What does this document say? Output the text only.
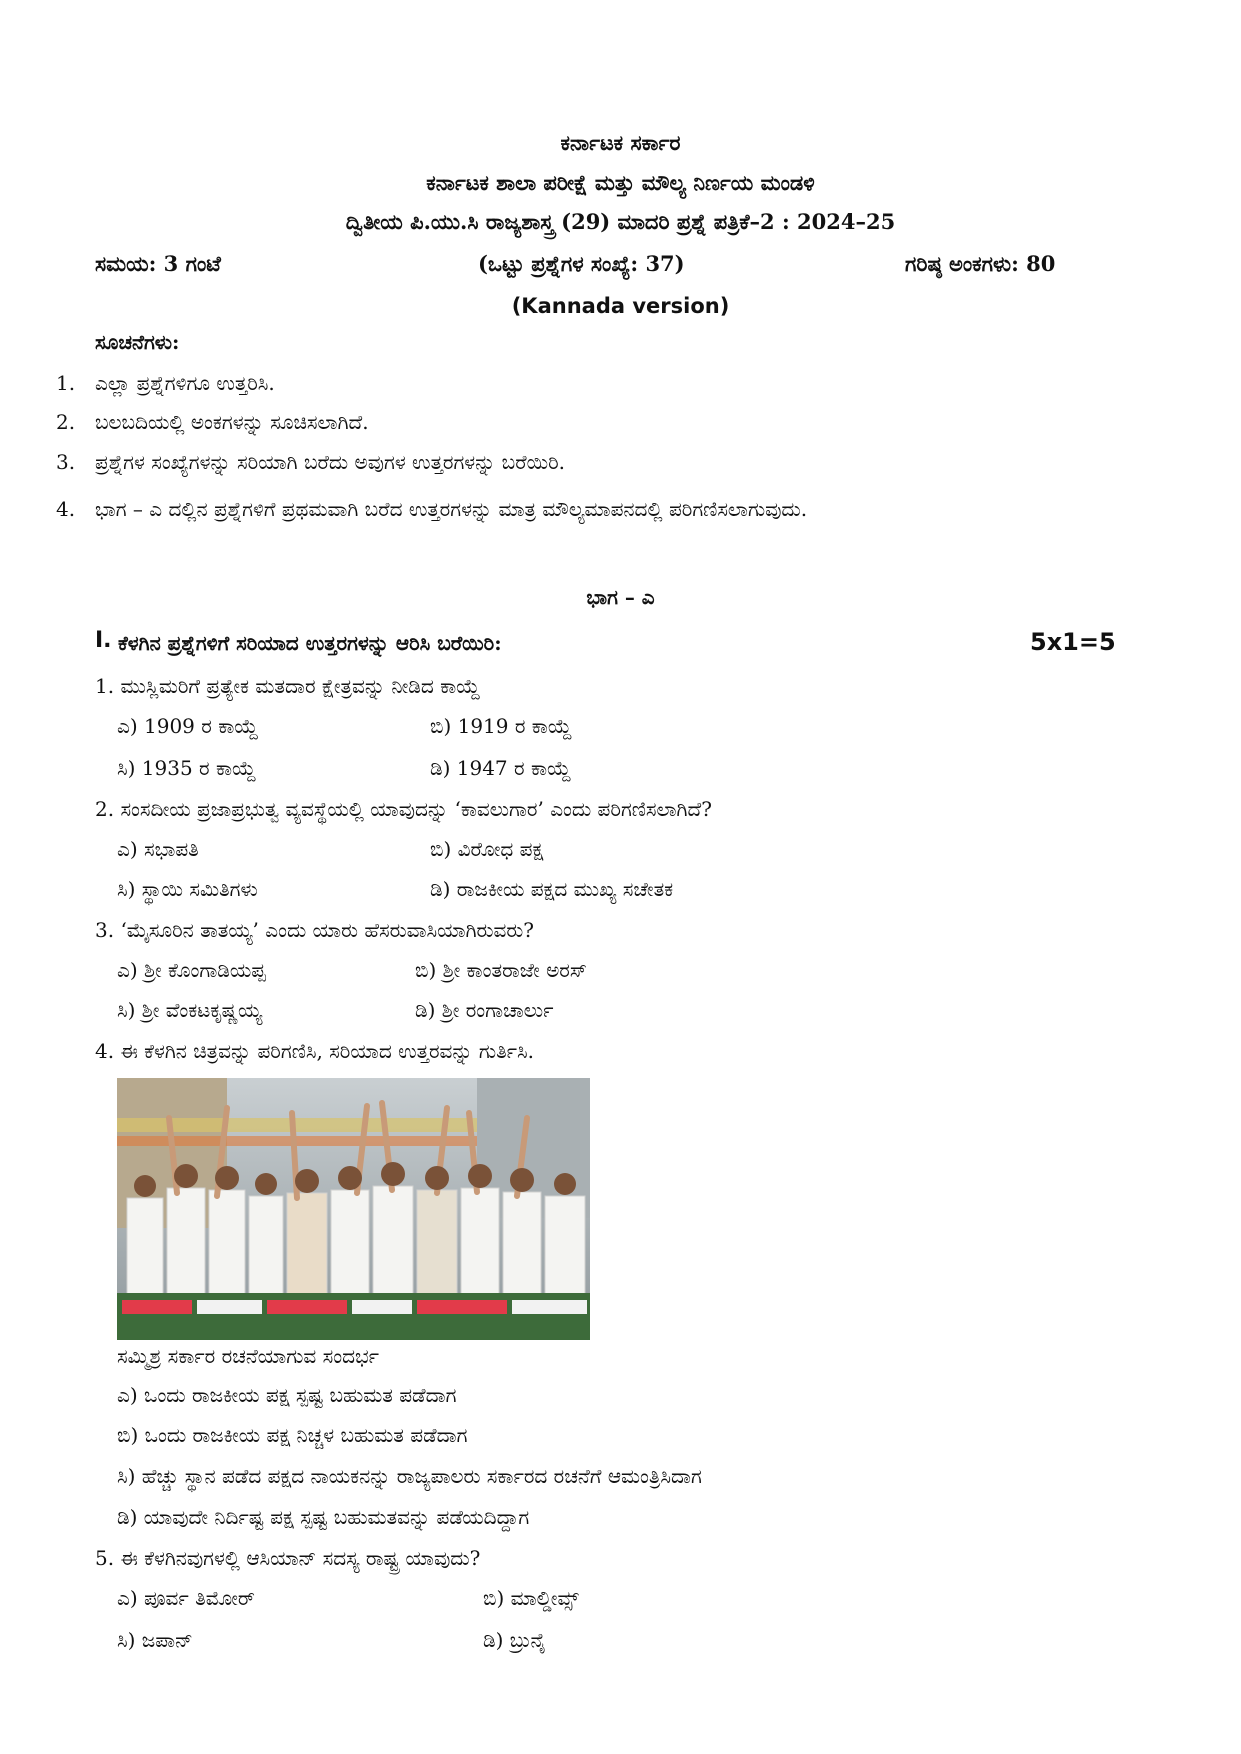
ಕರ್ನಾಟಕ ಸರ್ಕಾರ
ಕರ್ನಾಟಕ ಶಾಲಾ ಪರೀಕ್ಷೆ ಮತ್ತು ಮೌಲ್ಯ ನಿರ್ಣಯ ಮಂಡಳಿ
ದ್ವಿತೀಯ ಪಿ.ಯು.ಸಿ ರಾಜ್ಯಶಾಸ್ತ್ರ (29) ಮಾದರಿ ಪ್ರಶ್ನೆ ಪತ್ರಿಕೆ–2 : 2024–25
ಸಮಯ: 3 ಗಂಟೆ	(ಒಟ್ಟು ಪ್ರಶ್ನೆಗಳ ಸಂಖ್ಯೆ: 37)	ಗರಿಷ್ಠ ಅಂಕಗಳು: 80
(Kannada version)
ಸೂಚನೆಗಳು:
1. ಎಲ್ಲಾ ಪ್ರಶ್ನೆಗಳಿಗೂ ಉತ್ತರಿಸಿ.
2. ಬಲಬದಿಯಲ್ಲಿ ಅಂಕಗಳನ್ನು ಸೂಚಿಸಲಾಗಿದೆ.
3. ಪ್ರಶ್ನೆಗಳ ಸಂಖ್ಯೆಗಳನ್ನು ಸರಿಯಾಗಿ ಬರೆದು ಅವುಗಳ ಉತ್ತರಗಳನ್ನು ಬರೆಯಿರಿ.
4. ಭಾಗ – ಎ ದಲ್ಲಿನ ಪ್ರಶ್ನೆಗಳಿಗೆ ಪ್ರಥಮವಾಗಿ ಬರೆದ ಉತ್ತರಗಳನ್ನು ಮಾತ್ರ ಮೌಲ್ಯಮಾಪನದಲ್ಲಿ ಪರಿಗಣಿಸಲಾಗುವುದು.
ಭಾಗ – ಎ
I. ಕೆಳಗಿನ ಪ್ರಶ್ನೆಗಳಿಗೆ ಸರಿಯಾದ ಉತ್ತರಗಳನ್ನು ಆರಿಸಿ ಬರೆಯಿರಿ:	5x1=5
1. ಮುಸ್ಲಿಮರಿಗೆ ಪ್ರತ್ಯೇಕ ಮತದಾರ ಕ್ಷೇತ್ರವನ್ನು ನೀಡಿದ ಕಾಯ್ದೆ
ಎ) 1909 ರ ಕಾಯ್ದೆ	ಬಿ) 1919 ರ ಕಾಯ್ದೆ
ಸಿ) 1935 ರ ಕಾಯ್ದೆ	ಡಿ) 1947 ರ ಕಾಯ್ದೆ
2. ಸಂಸದೀಯ ಪ್ರಜಾಪ್ರಭುತ್ವ ವ್ಯವಸ್ಥೆಯಲ್ಲಿ ಯಾವುದನ್ನು ‘ಕಾವಲುಗಾರ’ ಎಂದು ಪರಿಗಣಿಸಲಾಗಿದೆ?
ಎ) ಸಭಾಪತಿ	ಬಿ) ವಿರೋಧ ಪಕ್ಷ
ಸಿ) ಸ್ಥಾಯಿ ಸಮಿತಿಗಳು	ಡಿ) ರಾಜಕೀಯ ಪಕ್ಷದ ಮುಖ್ಯ ಸಚೇತಕ
3. ‘ಮೈಸೂರಿನ ತಾತಯ್ಯ’ ಎಂದು ಯಾರು ಹೆಸರುವಾಸಿಯಾಗಿರುವರು?
ಎ) ಶ್ರೀ ಕೊಂಗಾಡಿಯಪ್ಪ	ಬಿ) ಶ್ರೀ ಕಾಂತರಾಜೇ ಅರಸ್
ಸಿ) ಶ್ರೀ ವೆಂಕಟಕೃಷ್ಣಯ್ಯ	ಡಿ) ಶ್ರೀ ರಂಗಾಚಾರ್ಲು
4. ಈ ಕೆಳಗಿನ ಚಿತ್ರವನ್ನು ಪರಿಗಣಿಸಿ, ಸರಿಯಾದ ಉತ್ತರವನ್ನು ಗುರ್ತಿಸಿ.
ಸಮ್ಮಿಶ್ರ ಸರ್ಕಾರ ರಚನೆಯಾಗುವ ಸಂದರ್ಭ
ಎ) ಒಂದು ರಾಜಕೀಯ ಪಕ್ಷ ಸ್ಪಷ್ಟ ಬಹುಮತ ಪಡೆದಾಗ
ಬಿ) ಒಂದು ರಾಜಕೀಯ ಪಕ್ಷ ನಿಚ್ಚಳ ಬಹುಮತ ಪಡೆದಾಗ
ಸಿ) ಹೆಚ್ಚು ಸ್ಥಾನ ಪಡೆದ ಪಕ್ಷದ ನಾಯಕನನ್ನು ರಾಜ್ಯಪಾಲರು ಸರ್ಕಾರದ ರಚನೆಗೆ ಆಮಂತ್ರಿಸಿದಾಗ
ಡಿ) ಯಾವುದೇ ನಿರ್ದಿಷ್ಟ ಪಕ್ಷ ಸ್ಪಷ್ಟ ಬಹುಮತವನ್ನು ಪಡೆಯದಿದ್ದಾಗ
5. ಈ ಕೆಳಗಿನವುಗಳಲ್ಲಿ ಆಸಿಯಾನ್ ಸದಸ್ಯ ರಾಷ್ಟ್ರ ಯಾವುದು?
ಎ) ಪೂರ್ವ ತಿಮೋರ್	ಬಿ) ಮಾಲ್ಡೀವ್ಸ್
ಸಿ) ಜಪಾನ್	ಡಿ) ಬ್ರುನೈ
